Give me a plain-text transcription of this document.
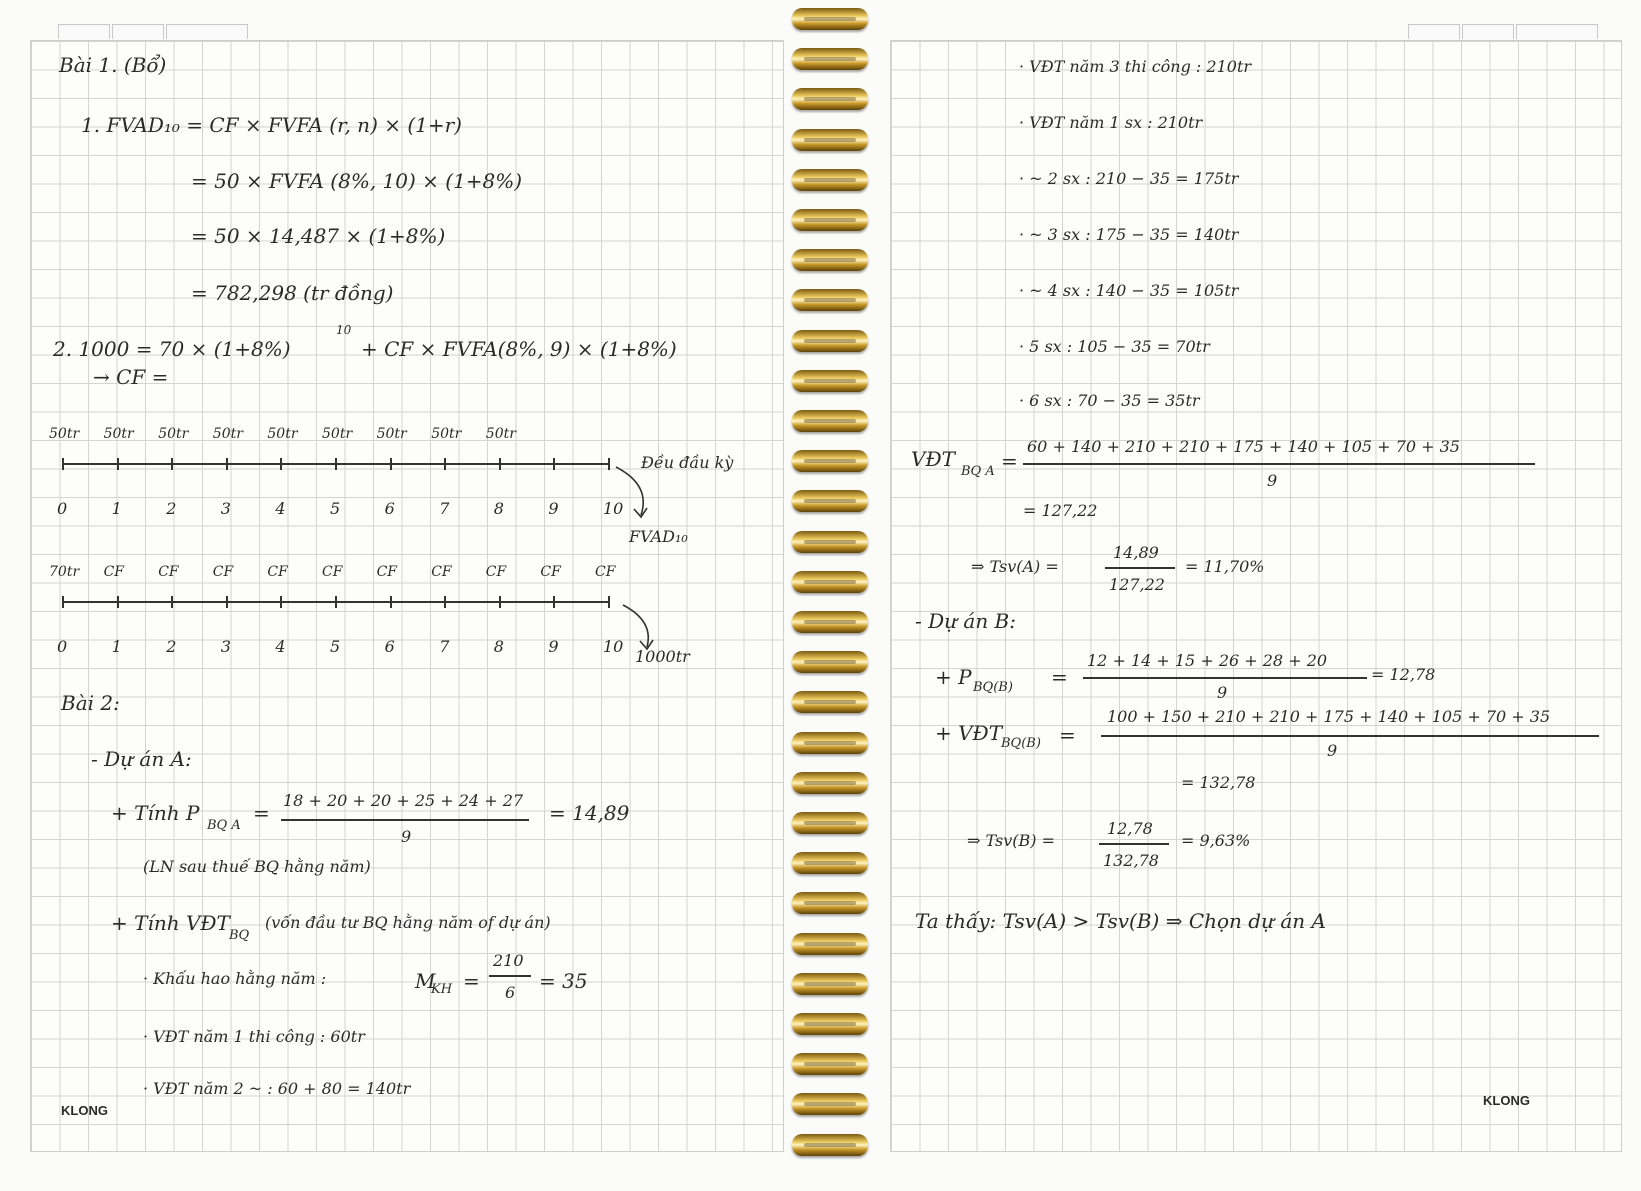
Bài 1. (Bổ)
1. FVAD₁₀ = CF × FVFA (r, n) × (1+r)
= 50 × FVFA (8%, 10) × (1+8%)
= 50 × 14,487 × (1+8%)
= 782,298 (tr đồng)
2. 1000 = 70 × (1+8%)
10
+ CF × FVFA(8%, 9) × (1+8%)
→ CF =
0	1	2	3	4	5	6	7	8	9	10
50tr 50tr 50tr 50tr 50tr 50tr 50tr 50tr 50tr
Đều đầu kỳ
FVAD₁₀
0	1	2	3	4	5	6	7	8	9	10
70tr CF CF CF CF CF CF CF CF CF CF
1000tr
Bài 2:
- Dự án A:
+ Tính P
BQ A
=
18 + 20 + 20 + 25 + 24 + 27
9
= 14,89
(LN sau thuế BQ hằng năm)
+ Tính VĐT
BQ
(vốn đầu tư BQ hằng năm of dự án)
· Khấu hao hằng năm :	M
KH =
210
6 = 35
· VĐT năm 1 thi công : 60tr
· VĐT năm 2 ~ : 60 + 80 = 140tr
KLONG
· VĐT năm 3 thi công : 210tr
· VĐT năm 1 sx : 210tr
· ~ 2 sx : 210 − 35 = 175tr
· ~ 3 sx : 175 − 35 = 140tr
· ~ 4 sx : 140 − 35 = 105tr
· 5 sx : 105 − 35 = 70tr
· 6 sx : 70 − 35 = 35tr
VĐT
BQ A =
60 + 140 + 210 + 210 + 175 + 140 + 105 + 70 + 35
9
= 127,22
⇒ Tsv(A) =
14,89
127,22
= 11,70%
- Dự án B:
+ P BQ(B) =
12 + 14 + 15 + 26 + 28 + 20
9
= 12,78
+ VĐT
BQ(B) =
100 + 150 + 210 + 210 + 175 + 140 + 105 + 70 + 35
9
= 132,78
⇒ Tsv(B) =
12,78
132,78
= 9,63%
Ta thấy: Tsv(A) > Tsv(B) ⇒ Chọn dự án A
KLONG
